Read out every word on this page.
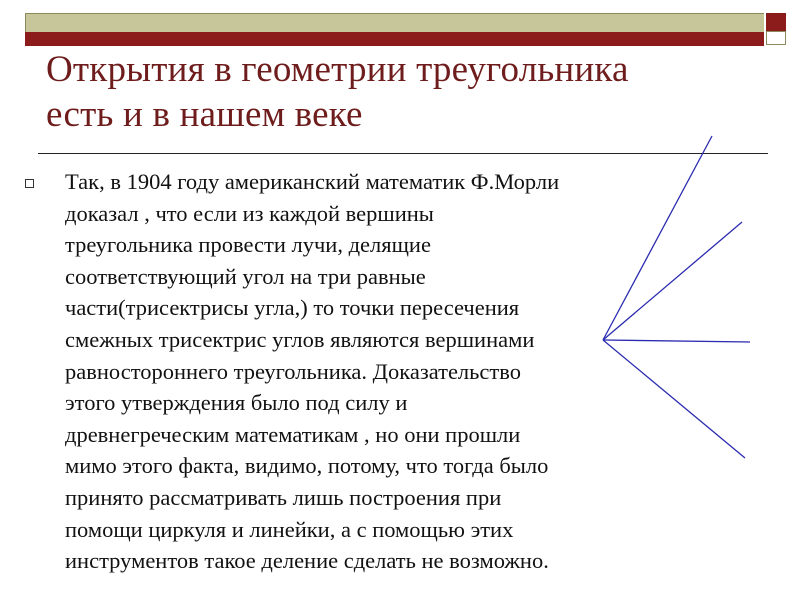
Открытия в геометрии треугольника
есть и в нашем веке

Так, в 1904 году американский математик Ф.Морли
доказал , что если из каждой вершины
треугольника провести лучи, делящие
соответствующий угол на три равные
части(трисектрисы угла,) то точки пересечения
смежных трисектрис углов являются вершинами
равностороннего треугольника. Доказательство
этого утверждения было под силу и
древнегреческим математикам , но они прошли
мимо этого факта, видимо, потому, что тогда было
принято рассматривать лишь построения при
помощи циркуля и линейки, а с помощью этих
инструментов такое деление сделать не возможно.
